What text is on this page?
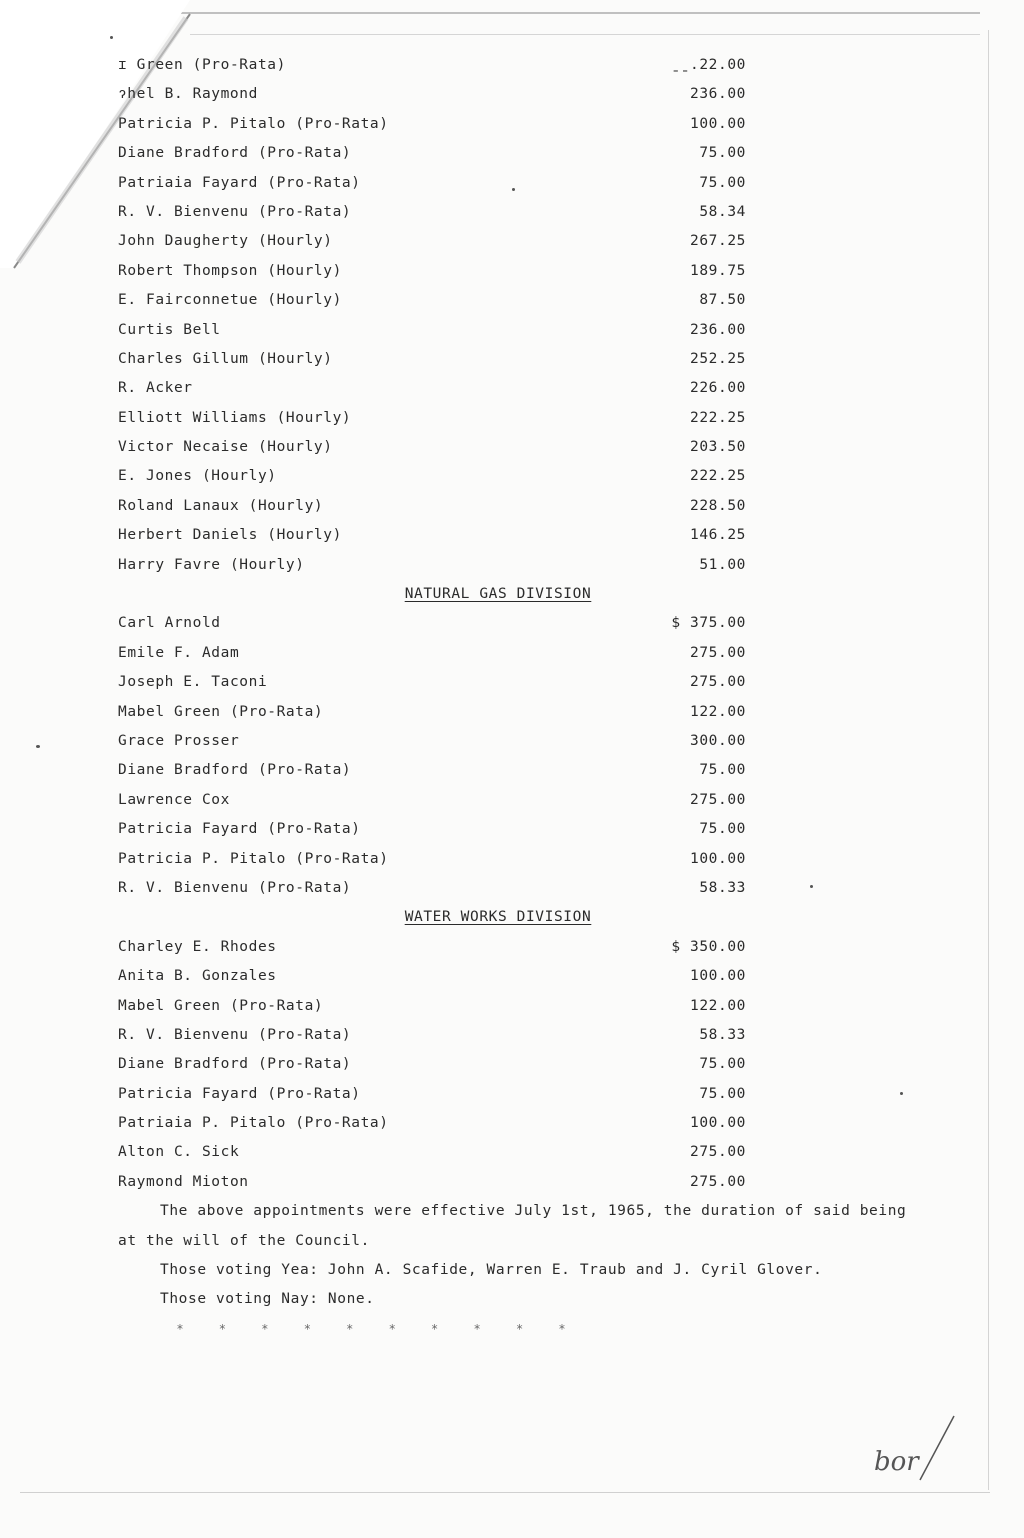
ɪ Green (Pro-Rata)	ˍˍ.22.00
ɂhel B. Raymond	236.00
Patricia P. Pitalo (Pro-Rata)	100.00
Diane Bradford (Pro-Rata)	75.00
Patriaia Fayard (Pro-Rata)	75.00
R. V. Bienvenu (Pro-Rata)	58.34
John Daugherty (Hourly)	267.25
Robert Thompson (Hourly)	189.75
E. Fairconnetue (Hourly)	87.50
Curtis Bell	236.00
Charles Gillum (Hourly)	252.25
R. Acker	226.00
Elliott Williams (Hourly)	222.25
Victor Necaise (Hourly)	203.50
E. Jones (Hourly)	222.25
Roland Lanaux (Hourly)	228.50
Herbert Daniels (Hourly)	146.25
Harry Favre (Hourly)	51.00
NATURAL GAS DIVISION
Carl Arnold	$ 375.00
Emile F. Adam	275.00
Joseph E. Taconi	275.00
Mabel Green (Pro-Rata)	122.00
Grace Prosser	300.00
Diane Bradford (Pro-Rata)	75.00
Lawrence Cox	275.00
Patricia Fayard (Pro-Rata)	75.00
Patricia P. Pitalo (Pro-Rata)	100.00
R. V. Bienvenu (Pro-Rata)	58.33
WATER WORKS DIVISION
Charley E. Rhodes	$ 350.00
Anita B. Gonzales	100.00
Mabel Green (Pro-Rata)	122.00
R. V. Bienvenu (Pro-Rata)	58.33
Diane Bradford (Pro-Rata)	75.00
Patricia Fayard (Pro-Rata)	75.00
Patriaia P. Pitalo (Pro-Rata)	100.00
Alton C. Sick	275.00
Raymond Mioton	275.00
The above appointments were effective July 1st, 1965, the duration of said being
at the will of the Council.
Those voting Yea: John A. Scafide, Warren E. Traub and J. Cyril Glover.
Those voting Nay: None.
* * * * * * * * * *
bor
